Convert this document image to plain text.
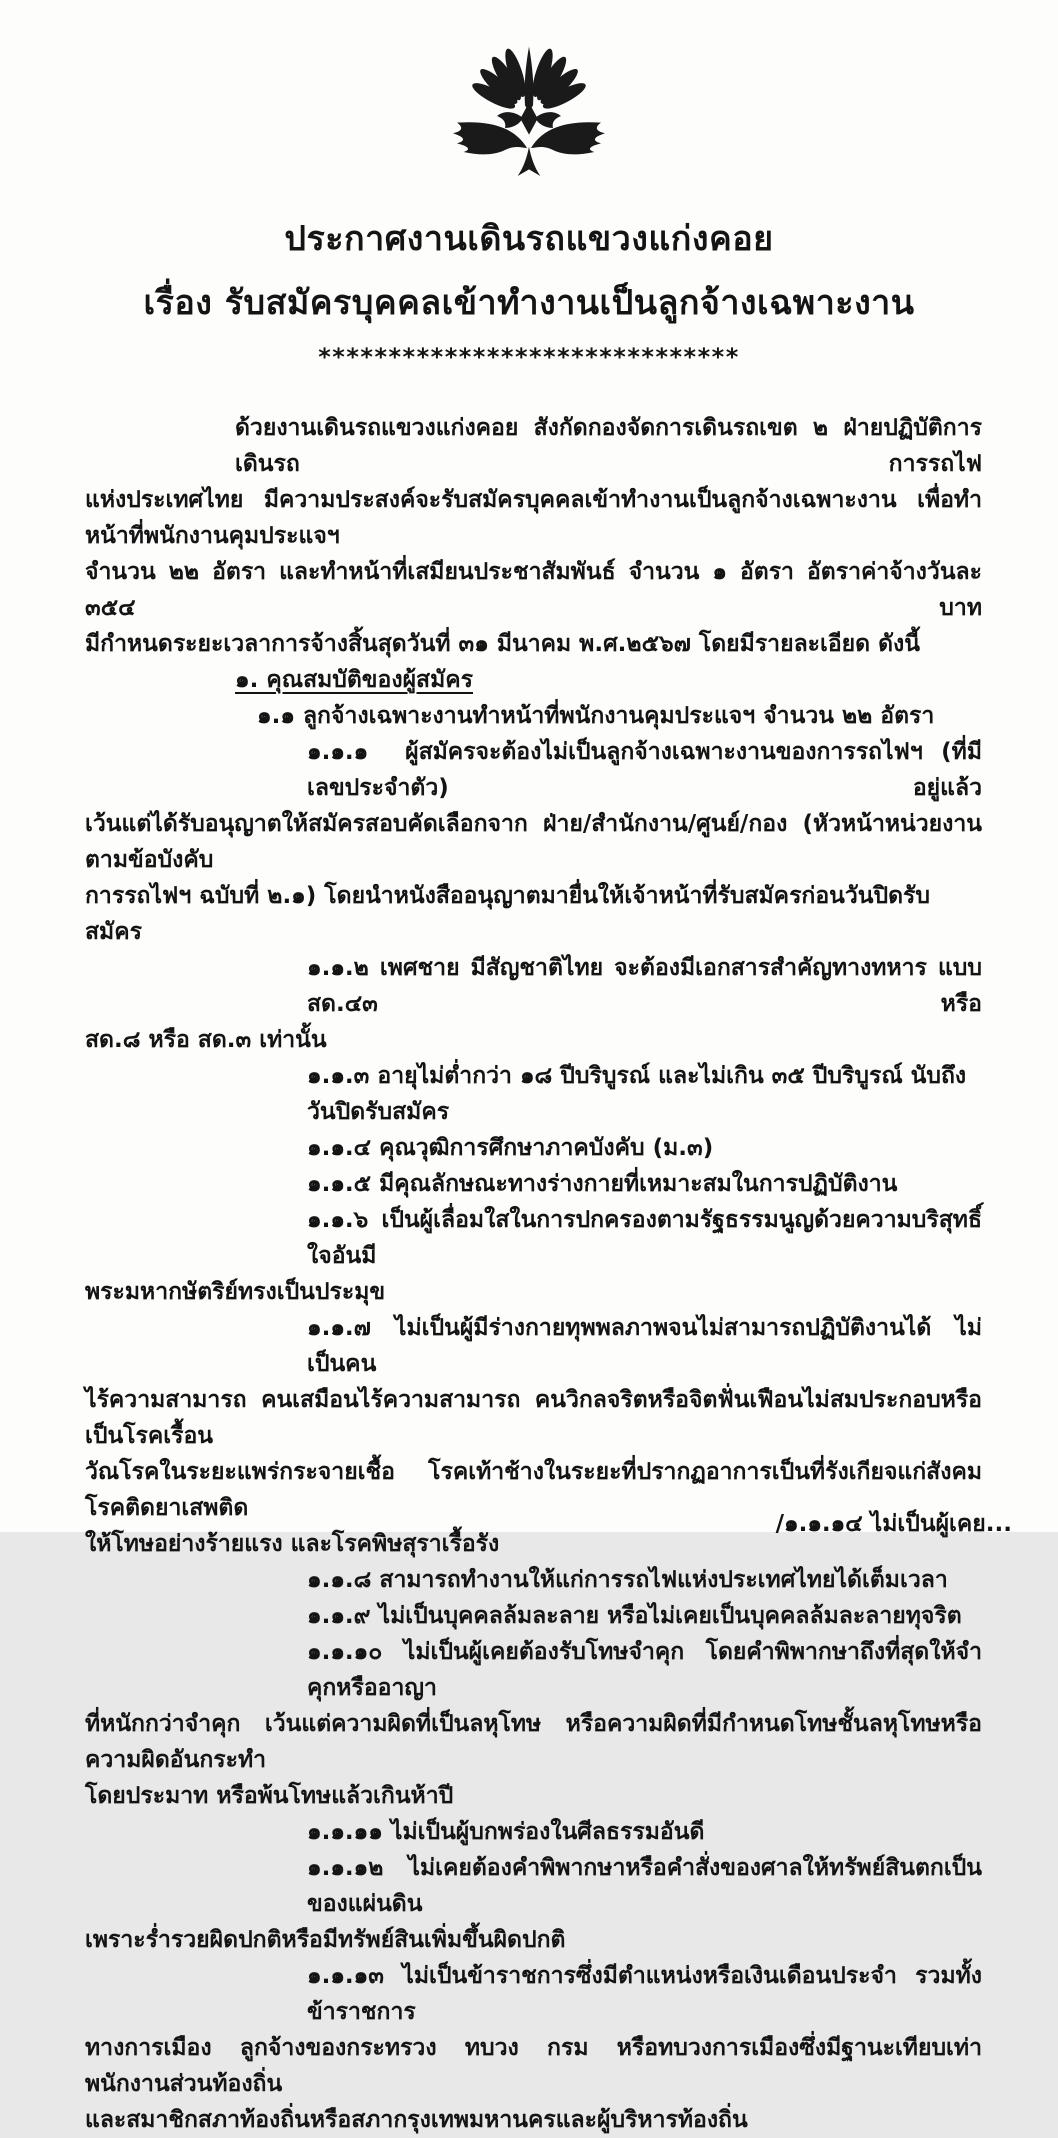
ประกาศงานเดินรถแขวงแก่งคอย
เรื่อง รับสมัครบุคคลเข้าทำงานเป็นลูกจ้างเฉพาะงาน
******************************
ด้วยงานเดินรถแขวงแก่งคอย สังกัดกองจัดการเดินรถเขต ๒ ฝ่ายปฏิบัติการเดินรถ การรถไฟ
แห่งประเทศไทย มีความประสงค์จะรับสมัครบุคคลเข้าทำงานเป็นลูกจ้างเฉพาะงาน เพื่อทำหน้าที่พนักงานคุมประแจฯ
จำนวน ๒๒ อัตรา และทำหน้าที่เสมียนประชาสัมพันธ์ จำนวน ๑ อัตรา อัตราค่าจ้างวันละ ๓๕๔ บาท
มีกำหนดระยะเวลาการจ้างสิ้นสุดวันที่ ๓๑ มีนาคม พ.ศ.๒๕๖๗ โดยมีรายละเอียด ดังนี้
๑. คุณสมบัติของผู้สมัคร
๑.๑ ลูกจ้างเฉพาะงานทำหน้าที่พนักงานคุมประแจฯ จำนวน ๒๒ อัตรา
๑.๑.๑  ผู้สมัครจะต้องไม่เป็นลูกจ้างเฉพาะงานของการรถไฟฯ (ที่มีเลขประจำตัว) อยู่แล้ว
เว้นแต่ได้รับอนุญาตให้สมัครสอบคัดเลือกจาก ฝ่าย/สำนักงาน/ศูนย์/กอง (หัวหน้าหน่วยงานตามข้อบังคับ
การรถไฟฯ ฉบับที่ ๒.๑) โดยนำหนังสืออนุญาตมายื่นให้เจ้าหน้าที่รับสมัครก่อนวันปิดรับสมัคร
๑.๑.๒ เพศชาย มีสัญชาติไทย จะต้องมีเอกสารสำคัญทางทหาร แบบ สด.๔๓ หรือ
สด.๘ หรือ สด.๓ เท่านั้น
๑.๑.๓ อายุไม่ต่ำกว่า ๑๘ ปีบริบูรณ์ และไม่เกิน ๓๕ ปีบริบูรณ์ นับถึงวันปิดรับสมัคร
๑.๑.๔ คุณวุฒิการศึกษาภาคบังคับ (ม.๓)
๑.๑.๕ มีคุณลักษณะทางร่างกายที่เหมาะสมในการปฏิบัติงาน
๑.๑.๖ เป็นผู้เลื่อมใสในการปกครองตามรัฐธรรมนูญด้วยความบริสุทธิ์ใจอันมี
พระมหากษัตริย์ทรงเป็นประมุข
๑.๑.๗ ไม่เป็นผู้มีร่างกายทุพพลภาพจนไม่สามารถปฏิบัติงานได้ ไม่เป็นคน
ไร้ความสามารถ คนเสมือนไร้ความสามารถ คนวิกลจริตหรือจิตฟั่นเฟือนไม่สมประกอบหรือเป็นโรคเรื้อน
วัณโรคในระยะแพร่กระจายเชื้อ โรคเท้าช้างในระยะที่ปรากฏอาการเป็นที่รังเกียจแก่สังคม โรคติดยาเสพติด
ให้โทษอย่างร้ายแรง และโรคพิษสุราเรื้อรัง
๑.๑.๘ สามารถทำงานให้แก่การรถไฟแห่งประเทศไทยได้เต็มเวลา
๑.๑.๙ ไม่เป็นบุคคลล้มละลาย หรือไม่เคยเป็นบุคคลล้มละลายทุจริต
๑.๑.๑๐ ไม่เป็นผู้เคยต้องรับโทษจำคุก โดยคำพิพากษาถึงที่สุดให้จำคุกหรืออาญา
ที่หนักกว่าจำคุก เว้นแต่ความผิดที่เป็นลหุโทษ หรือความผิดที่มีกำหนดโทษชั้นลหุโทษหรือความผิดอันกระทำ
โดยประมาท หรือพ้นโทษแล้วเกินห้าปี
๑.๑.๑๑ ไม่เป็นผู้บกพร่องในศีลธรรมอันดี
๑.๑.๑๒  ไม่เคยต้องคำพิพากษาหรือคำสั่งของศาลให้ทรัพย์สินตกเป็นของแผ่นดิน
เพราะร่ำรวยผิดปกติหรือมีทรัพย์สินเพิ่มขึ้นผิดปกติ
๑.๑.๑๓ ไม่เป็นข้าราชการซึ่งมีตำแหน่งหรือเงินเดือนประจำ รวมทั้งข้าราชการ
ทางการเมือง ลูกจ้างของกระทรวง ทบวง กรม หรือทบวงการเมืองซึ่งมีฐานะเทียบเท่า พนักงานส่วนท้องถิ่น
และสมาชิกสภาท้องถิ่นหรือสภากรุงเทพมหานครและผู้บริหารท้องถิ่น
/๑.๑.๑๔ ไม่เป็นผู้เคย...
